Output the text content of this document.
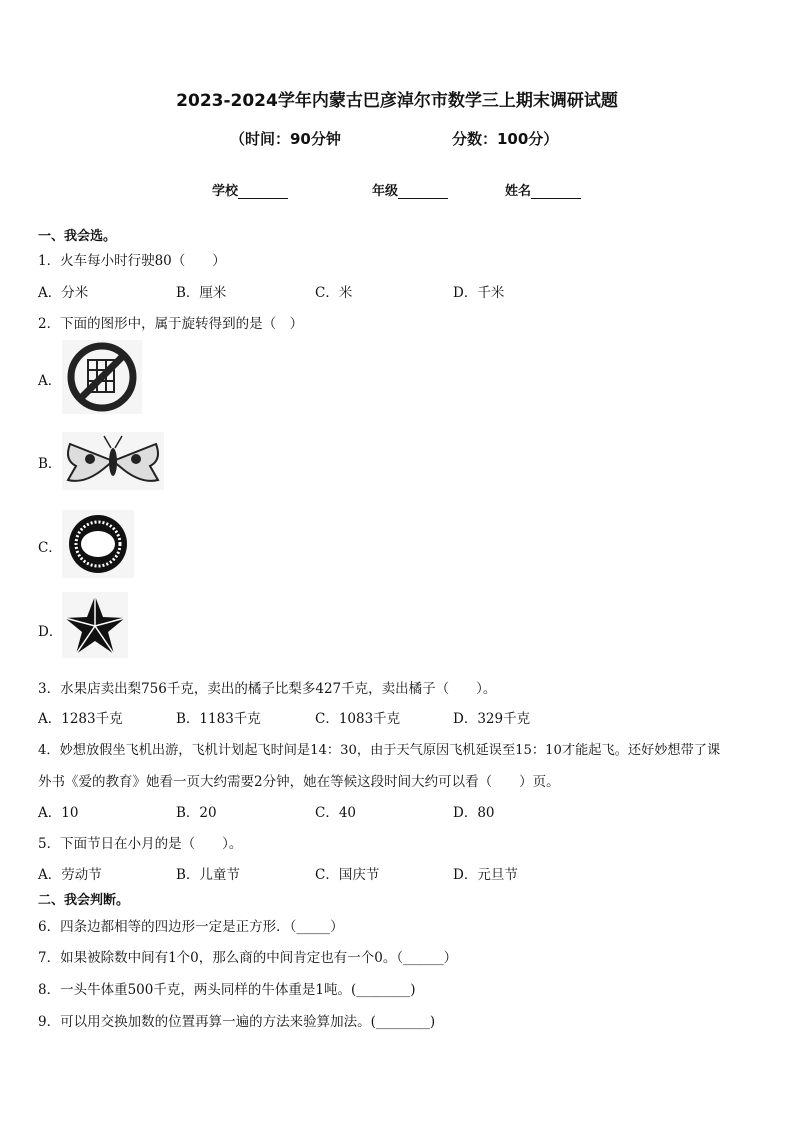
2023-2024学年内蒙古巴彦淖尔市数学三上期末调研试题
（时间：90分钟	分数：100分）
学校	年级	姓名
一、我会选。
1．火车每小时行驶80（　　）
A．分米	B．厘米	C．米	D．千米
2．下面的图形中，属于旋转得到的是（　）
A．
B．
C．
D．
3．水果店卖出梨756千克，卖出的橘子比梨多427千克，卖出橘子（　　）。
A．1283千克	B．1183千克	C．1083千克	D．329千克
4．妙想放假坐飞机出游，飞机计划起飞时间是14：30，由于天气原因飞机延误至15：10才能起飞。还好妙想带了课
外书《爱的教育》她看一页大约需要2分钟，她在等候这段时间大约可以看（　　）页。
A．10	B．20	C．40	D．80
5．下面节日在小月的是（　　）。
A．劳动节	B．儿童节	C．国庆节	D．元旦节
二、我会判断。
6．四条边都相等的四边形一定是正方形．（_____）
7．如果被除数中间有1个0，那么商的中间肯定也有一个0。（______）
8．一头牛体重500千克，两头同样的牛体重是1吨。(________)
9．可以用交换加数的位置再算一遍的方法来验算加法。(________)
